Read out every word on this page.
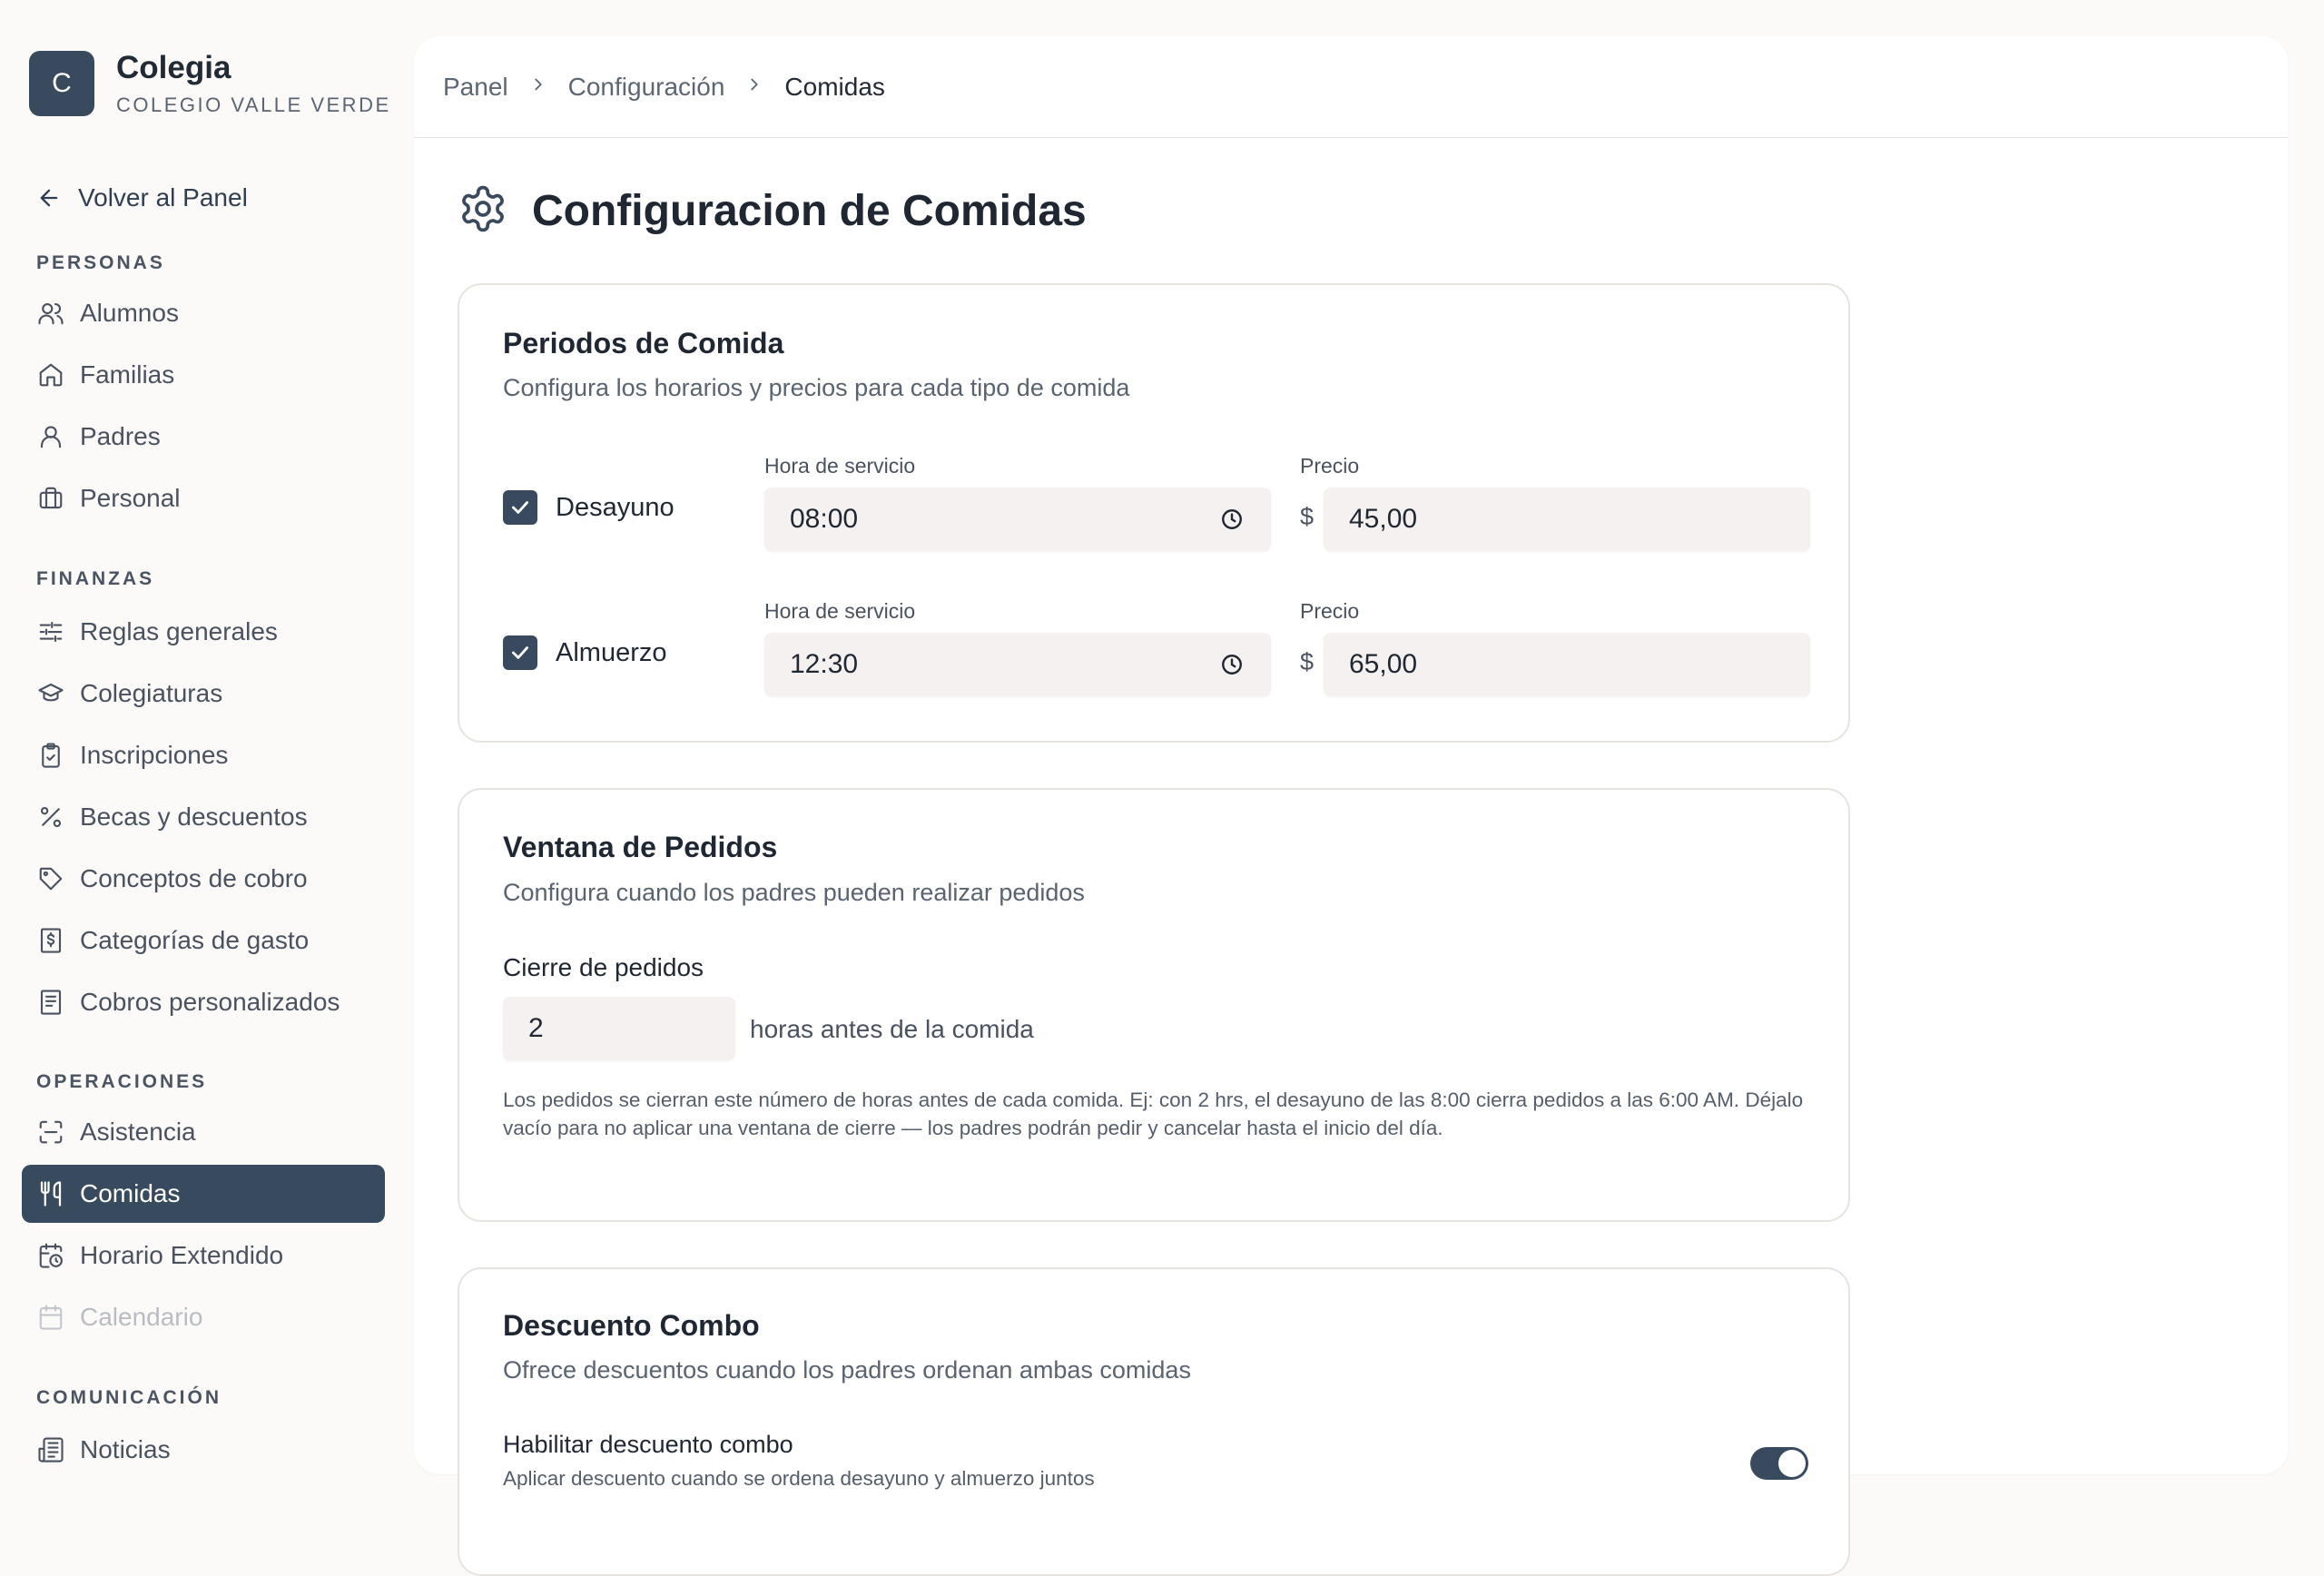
C	Colegia
COLEGIO VALLE VERDE
Volver al Panel
PERSONAS
Alumnos
Familias
Padres
Personal
FINANZAS
Reglas generales
Colegiaturas
Inscripciones
Becas y descuentos
Conceptos de cobro
Categorías de gasto
Cobros personalizados
OPERACIONES
Asistencia
Comidas
Horario Extendido
Calendario
COMUNICACIÓN
Noticias
Panel Configuración Comidas
Configuracion de Comidas
Periodos de Comida
Configura los horarios y precios para cada tipo de comida
Desayuno
Hora de servicio
08:00
Precio
$ 45,00
Almuerzo
Hora de servicio
12:30
Precio
$ 65,00
Ventana de Pedidos
Configura cuando los padres pueden realizar pedidos
Cierre de pedidos
2	horas antes de la comida
Los pedidos se cierran este número de horas antes de cada comida. Ej: con 2 hrs, el desayuno de las 8:00 cierra pedidos a las 6:00 AM. Déjalo vacío para no aplicar una ventana de cierre — los padres podrán pedir y cancelar hasta el inicio del día.
Descuento Combo
Ofrece descuentos cuando los padres ordenan ambas comidas
Habilitar descuento combo
Aplicar descuento cuando se ordena desayuno y almuerzo juntos
